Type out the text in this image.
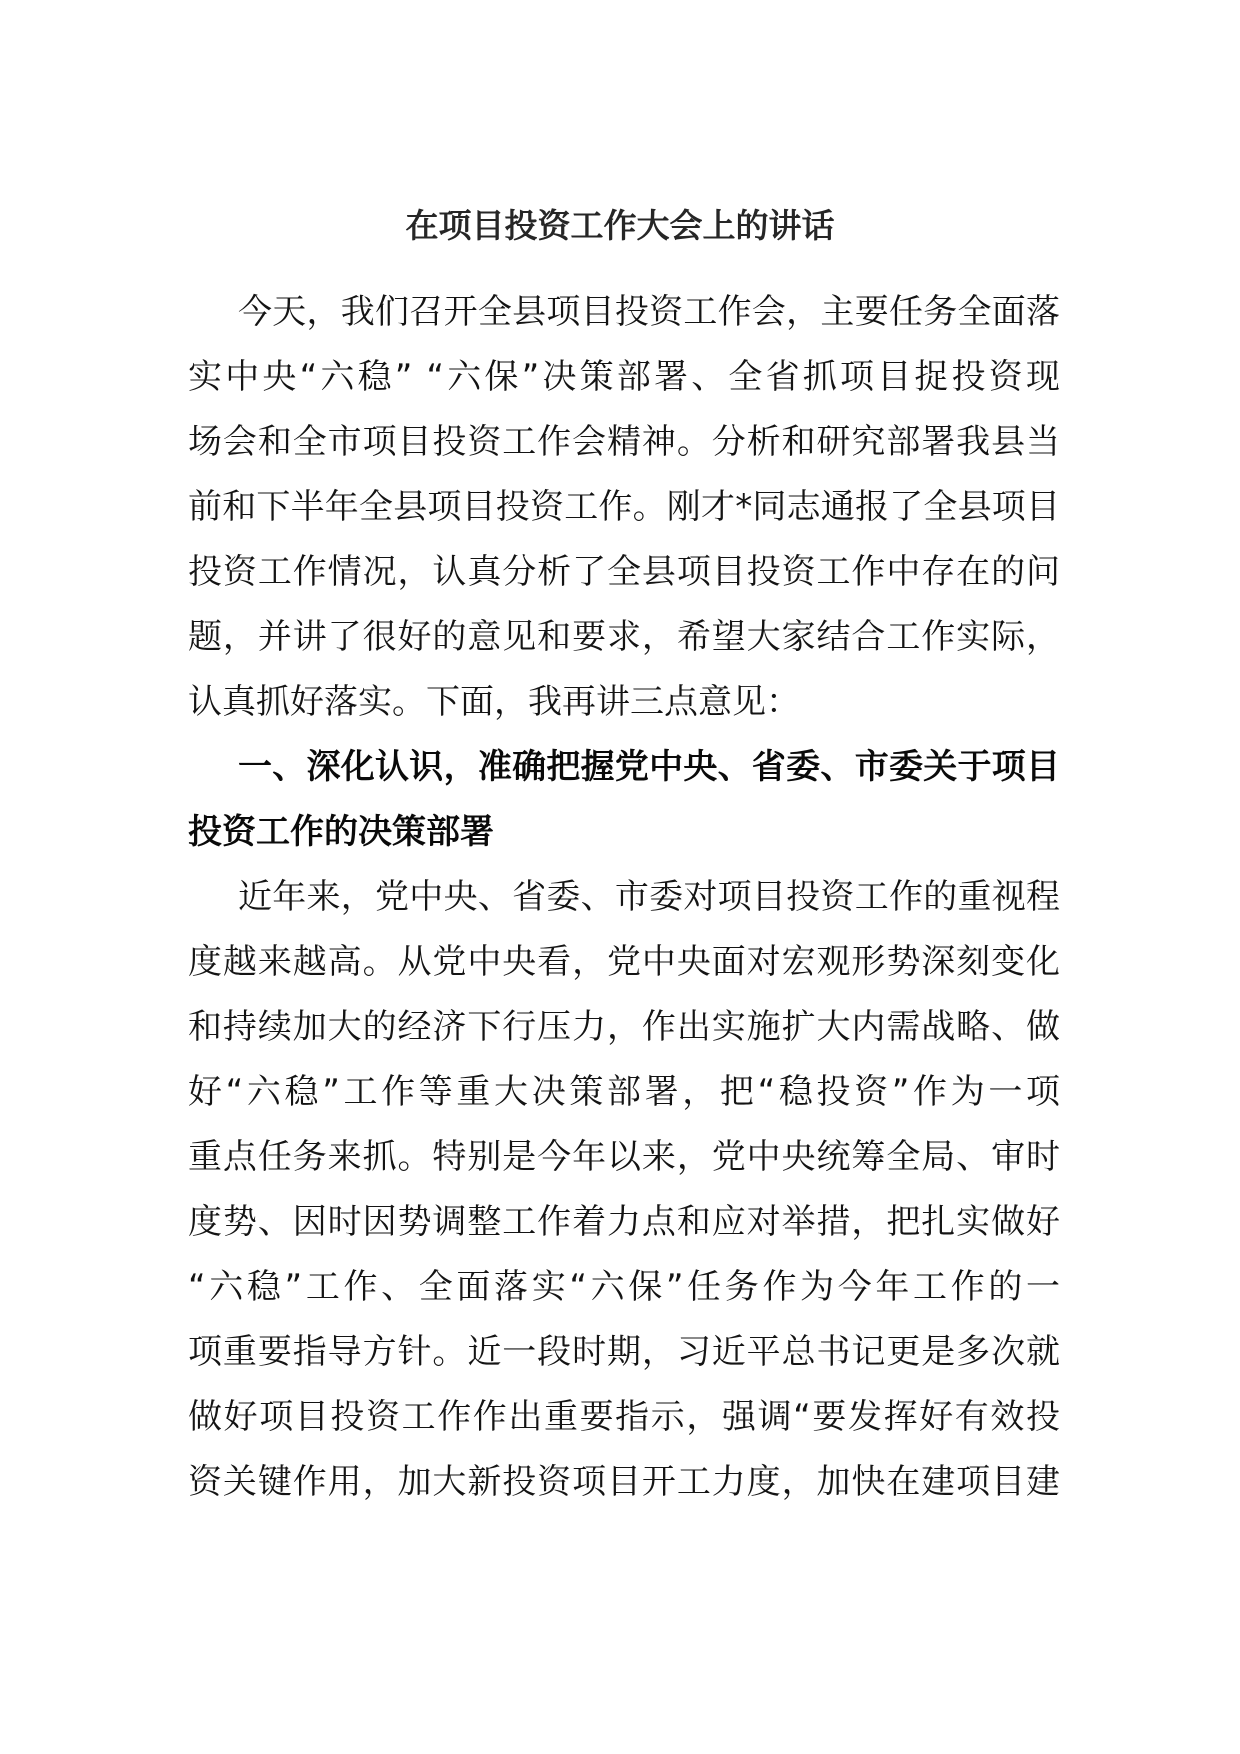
在项目投资工作大会上的讲话
今天，我们召开全县项目投资工作会，主要任务全面落
实中央“六稳” “六保”决策部署、全省抓项目捉投资现
场会和全市项目投资工作会精神。分析和研究部署我县当
前和下半年全县项目投资工作。刚才*同志通报了全县项目
投资工作情况，认真分析了全县项目投资工作中存在的问
题，并讲了很好的意见和要求，希望大家结合工作实际，
认真抓好落实。下面，我再讲三点意见：
一、深化认识，准确把握党中央、省委、市委关于项目
投资工作的决策部署
近年来，党中央、省委、市委对项目投资工作的重视程
度越来越高。从党中央看，党中央面对宏观形势深刻变化
和持续加大的经济下行压力，作出实施扩大内需战略、做
好“六稳”工作等重大决策部署，把“稳投资”作为一项
重点任务来抓。特别是今年以来，党中央统筹全局、审时
度势、因时因势调整工作着力点和应对举措，把扎实做好
“六稳”工作、全面落实“六保”任务作为今年工作的一
项重要指导方针。近一段时期，习近平总书记更是多次就
做好项目投资工作作出重要指示，强调“要发挥好有效投
资关键作用，加大新投资项目开工力度，加快在建项目建
